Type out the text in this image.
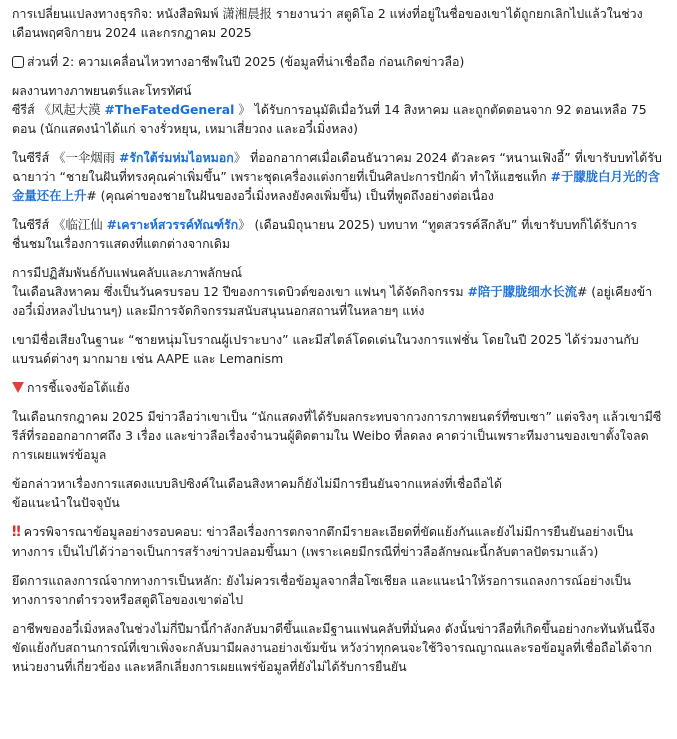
การเปลี่ยนแปลงทางธุรกิจ: หนังสือพิมพ์ 潇湘晨报 รายงานว่า สตูดิโอ 2 แห่งที่อยู่ในชื่อของเขาได้ถูกยกเลิกไปแล้วในช่วงเดือนพฤศจิกายน 2024 และกรกฎาคม 2025

ส่วนที่ 2: ความเคลื่อนไหวทางอาชีพในปี 2025 (ข้อมูลที่น่าเชื่อถือ ก่อนเกิดข่าวลือ)

ผลงานทางภาพยนตร์และโทรทัศน์
ซีรีส์ 《风起大漠 #TheFatedGeneral 》 ได้รับการอนุมัติเมื่อวันที่ 14 สิงหาคม และถูกตัดตอนจาก 92 ตอนเหลือ 75 ตอน (นักแสดงนำได้แก่ จางรั่วหยุน, เหมาเสี่ยวถง และอวี๋เมิ่งหลง)

ในซีรีส์ 《一伞烟雨 #รักใต้ร่มห่มไอหมอก》 ที่ออกอากาศเมื่อเดือนธันวาคม 2024 ตัวละคร “หนานเฟิงอี้” ที่เขารับบทได้รับฉายาว่า “ชายในฝันที่ทรงคุณค่าเพิ่มขึ้น” เพราะชุดเครื่องแต่งกายที่เป็นศิลปะการปักผ้า ทำให้แฮชแท็ก #于朦胧白月光的含金量还在上升# (คุณค่าของชายในฝันของอวี๋เมิ่งหลงยังคงเพิ่มขึ้น) เป็นที่พูดถึงอย่างต่อเนื่อง

ในซีรีส์ 《临江仙 #เคราะห์สวรรค์ทัณฑ์รัก》 (เดือนมิถุนายน 2025) บทบาท “ทูตสวรรค์ลึกลับ” ที่เขารับบทก็ได้รับการชื่นชมในเรื่องการแสดงที่แตกต่างจากเดิม

การมีปฏิสัมพันธ์กับแฟนคลับและภาพลักษณ์
ในเดือนสิงหาคม ซึ่งเป็นวันครบรอบ 12 ปีของการเดบิวต์ของเขา แฟนๆ ได้จัดกิจกรรม #陪于朦胧细水长流# (อยู่เคียงข้างอวี๋เมิ่งหลงไปนานๆ) และมีการจัดกิจกรรมสนับสนุนนอกสถานที่ในหลายๆ แห่ง

เขามีชื่อเสียงในฐานะ “ชายหนุ่มโบราณผู้เปราะบาง” และมีสไตล์โดดเด่นในวงการแฟชั่น โดยในปี 2025 ได้ร่วมงานกับแบรนด์ต่างๆ มากมาย เช่น AAPE และ Lemanism

การชี้แจงข้อโต้แย้ง

ในเดือนกรกฎาคม 2025 มีข่าวลือว่าเขาเป็น “นักแสดงที่ได้รับผลกระทบจากวงการภาพยนตร์ที่ซบเซา” แต่จริงๆ แล้วเขามีซีรีส์ที่รอออกอากาศถึง 3 เรื่อง และข่าวลือเรื่องจำนวนผู้ติดตามใน Weibo ที่ลดลง คาดว่าเป็นเพราะทีมงานของเขาตั้งใจลดการเผยแพร่ข้อมูล

ข้อกล่าวหาเรื่องการแสดงแบบลิปซิงค์ในเดือนสิงหาคมก็ยังไม่มีการยืนยันจากแหล่งที่เชื่อถือได้
ข้อแนะนำในปัจจุบัน

‼ ควรพิจารณาข้อมูลอย่างรอบคอบ: ข่าวลือเรื่องการตกจากตึกมีรายละเอียดที่ขัดแย้งกันและยังไม่มีการยืนยันอย่างเป็นทางการ เป็นไปได้ว่าอาจเป็นการสร้างข่าวปลอมขึ้นมา (เพราะเคยมีกรณีที่ข่าวลือลักษณะนี้กลับตาลปัตรมาแล้ว)

ยึดการแถลงการณ์จากทางการเป็นหลัก: ยังไม่ควรเชื่อข้อมูลจากสื่อโซเชียล และแนะนำให้รอการแถลงการณ์อย่างเป็นทางการจากตำรวจหรือสตูดิโอของเขาต่อไป

อาชีพของอวี๋เมิ่งหลงในช่วงไม่กี่ปีมานี้กำลังกลับมาดีขึ้นและมีฐานแฟนคลับที่มั่นคง ดังนั้นข่าวลือที่เกิดขึ้นอย่างกะทันหันนี้จึงขัดแย้งกับสถานการณ์ที่เขาเพิ่งจะกลับมามีผลงานอย่างเข้มข้น หวังว่าทุกคนจะใช้วิจารณญาณและรอข้อมูลที่เชื่อถือได้จากหน่วยงานที่เกี่ยวข้อง และหลีกเลี่ยงการเผยแพร่ข้อมูลที่ยังไม่ได้รับการยืนยัน
